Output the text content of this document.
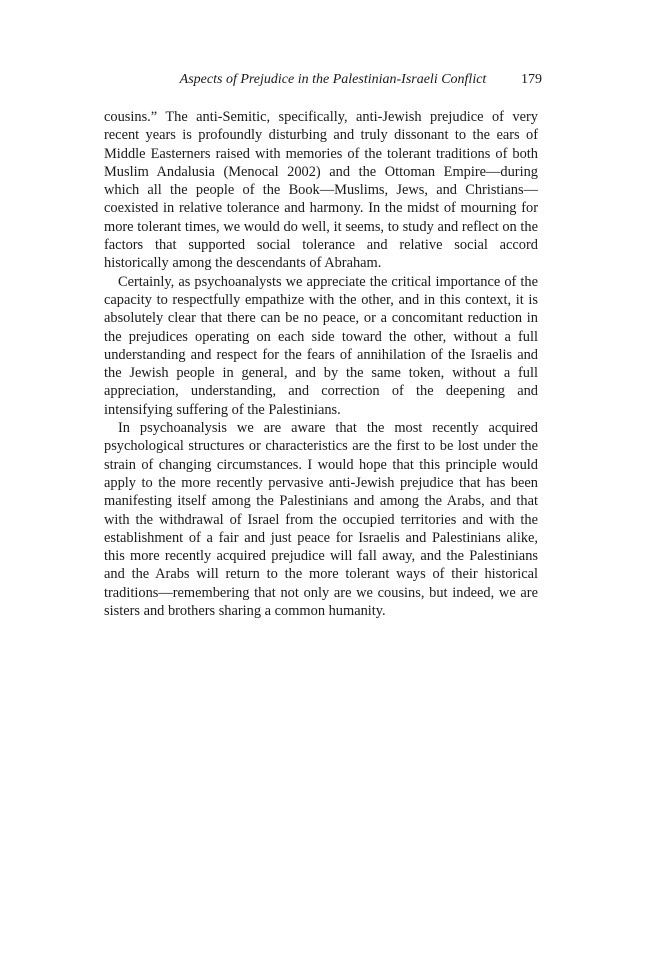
Aspects of Prejudice in the Palestinian-Israeli Conflict	179

cousins.” The anti-Semitic, specifically, anti-Jewish prejudice of very recent years is profoundly disturbing and truly dissonant to the ears of Middle Easterners raised with memories of the tolerant traditions of both Muslim Andalusia (Menocal 2002) and the Ottoman Empire—during which all the people of the Book—Muslims, Jews, and Christians—coexisted in relative tolerance and harmony. In the midst of mourning for more tolerant times, we would do well, it seems, to study and reflect on the factors that supported social tolerance and relative social accord historically among the descendants of Abraham.

Certainly, as psychoanalysts we appreciate the critical importance of the capacity to respectfully empathize with the other, and in this context, it is absolutely clear that there can be no peace, or a concomitant reduction in the prejudices operating on each side toward the other, without a full understanding and respect for the fears of annihilation of the Israelis and the Jewish people in general, and by the same token, without a full appreciation, understanding, and correction of the deepening and intensifying suffering of the Palestinians.

In psychoanalysis we are aware that the most recently acquired psychological structures or characteristics are the first to be lost under the strain of changing circumstances. I would hope that this principle would apply to the more recently pervasive anti-Jewish prejudice that has been manifesting itself among the Palestinians and among the Arabs, and that with the withdrawal of Israel from the occupied territories and with the establishment of a fair and just peace for Israelis and Palestinians alike, this more recently acquired prejudice will fall away, and the Palestinians and the Arabs will return to the more tolerant ways of their historical traditions—remembering that not only are we cousins, but indeed, we are sisters and brothers sharing a common humanity.
